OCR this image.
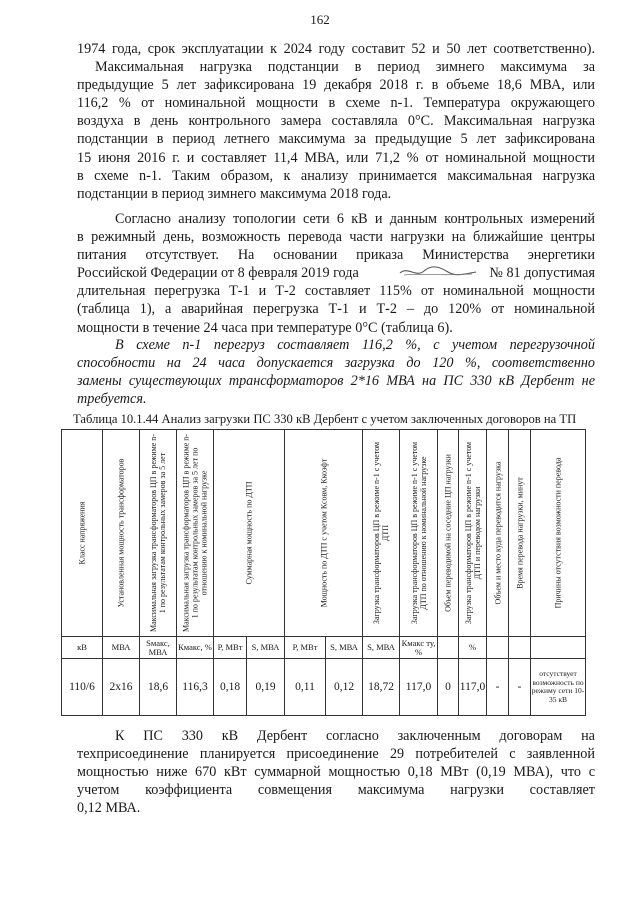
162
1974 года, срок эксплуатации к 2024 году составит 52 и 50 лет соответственно).
Максимальная нагрузка подстанции в период зимнего максимума за
предыдущие 5 лет зафиксирована 19 декабря 2018 г. в объеме 18,6 МВА, или
116,2 % от номинальной мощности в схеме n-1. Температура окружающего
воздуха в день контрольного замера составляла 0°С. Максимальная нагрузка
подстанции в период летнего максимума за предыдущие 5 лет зафиксирована
15 июня 2016 г. и составляет 11,4 МВА, или 71,2 % от номинальной мощности
в схеме n-1. Таким образом, к анализу принимается максимальная нагрузка
подстанции в период зимнего максимума 2018 года.
Согласно анализу топологии сети 6 кВ и данным контрольных измерений
в режимный день, возможность перевода части нагрузки на ближайшие центры
питания отсутствует. На основании приказа Министерства энергетики
Российской Федерации от 8 февраля 2019 года	№ 81 допустимая
длительная перегрузка Т-1 и Т-2 составляет 115% от номинальной мощности
(таблица 1), а аварийная перегрузка Т-1 и Т-2 – до 120% от номинальной
мощности в течение 24 часа при температуре 0°С (таблица 6).
В схеме n-1 перегруз составляет 116,2 %, с учетом перегрузочной
способности на 24 часа допускается загрузка до 120 %, соответственно
замены существующих трансформаторов 2*16 МВА на ПС 330 кВ Дербент не
требуется.
Таблица 10.1.44 Анализ загрузки ПС 330 кВ Дербент с учетом заключенных договоров на ТП
Класс напряжения	Установленная мощность трансформаторов	Максимальная загрузка трансформаторов ЦП в режиме n-1 по результатам контрольных замеров за 5 лет	Максимальная загрузка трансформаторов ЦП в режиме n-1 по результатам контрольных замеров за 5 лет по отношению к номинальной нагрузке	Суммарная мощность по ДТП		Мощность по ДТП с учетом Ксовм, Ккоэфт		Загрузка трансформаторов ЦП в режиме n-1 с учетом ДТП	Загрузка трансформаторов ЦП в режиме n-1 с учетом ДТП по отношению к номинальной нагрузке	Объем переводимой на соседние ЦП нагрузки	Загрузка трансформаторов ЦП в режиме n-1 с учетом ДТП и переводом нагрузки	Объем и место куда переводится нагрузка	Время перевода нагрузки, минут	Причины отсутствия возможности перевода

кВ	МВА	Sмакс, МВА	Кмакс, %	Р, МВт	S, МВА	Р, МВт	S, МВА	S, МВА	Кмакс ту, %		%			
110/6	2х16	18,6	116,3	0,18	0,19	0,11	0,12	18,72	117,0	0	117,0	-	-	отсутствует возможность по режиму сети 10-35 кВ
К ПС 330 кВ Дербент согласно заключенным договорам на
техприсоединение планируется присоединение 29 потребителей с заявленной
мощностью ниже 670 кВт суммарной мощностью 0,18 МВт (0,19 МВА), что с
учетом коэффициента совмещения максимума нагрузки составляет
0,12 МВА.
